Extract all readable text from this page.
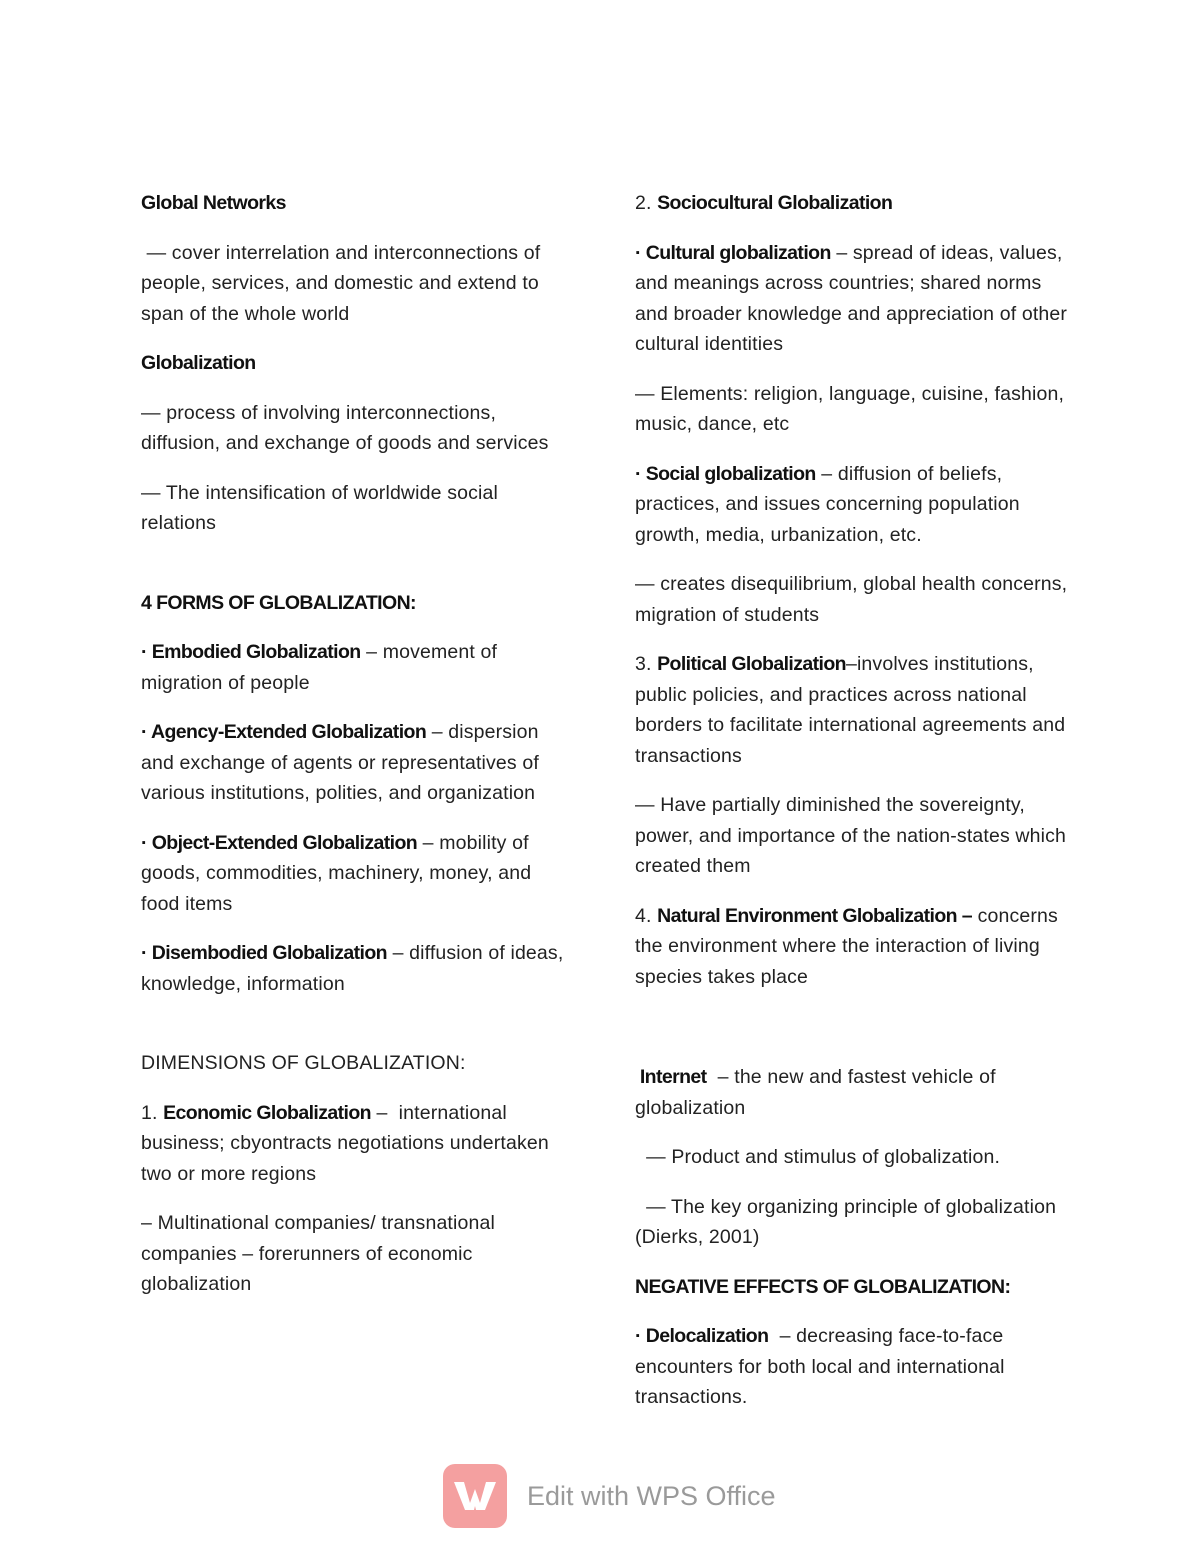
Global Networks

— cover interrelation and interconnections of people, services, and domestic and extend to span of the whole world

Globalization

— process of involving interconnections, diffusion, and exchange of goods and services

— The intensification of worldwide social relations

4 FORMS OF GLOBALIZATION:

· Embodied Globalization – movement of migration of people

· Agency-Extended Globalization – dispersion and exchange of agents or representatives of various institutions, polities, and organization

· Object-Extended Globalization – mobility of goods, commodities, machinery, money, and food items

· Disembodied Globalization – diffusion of ideas, knowledge, information

DIMENSIONS OF GLOBALIZATION:

1. Economic Globalization –  international business; cbyontracts negotiations undertaken  two or more regions

– Multinational companies/ transnational companies – forerunners of economic globalization

2. Sociocultural Globalization

· Cultural globalization – spread of ideas, values, and meanings across countries; shared norms and broader knowledge and appreciation of other cultural identities

— Elements: religion, language, cuisine, fashion, music, dance, etc

· Social globalization – diffusion of beliefs, practices, and issues concerning population growth, media, urbanization, etc.

— creates disequilibrium, global health concerns, migration of students

3. Political Globalization–involves institutions, public policies, and practices across national borders to facilitate international agreements and transactions

— Have partially diminished the sovereignty, power, and importance of the nation-states which created them

4. Natural Environment Globalization – concerns the environment where the interaction of living species takes place

Internet  – the new and fastest vehicle of globalization

— Product and stimulus of globalization.

— The key organizing principle of globalization (Dierks, 2001)

NEGATIVE EFFECTS OF GLOBALIZATION:

· Delocalization  – decreasing face-to-face encounters for both local and international transactions.

Edit with WPS Office
